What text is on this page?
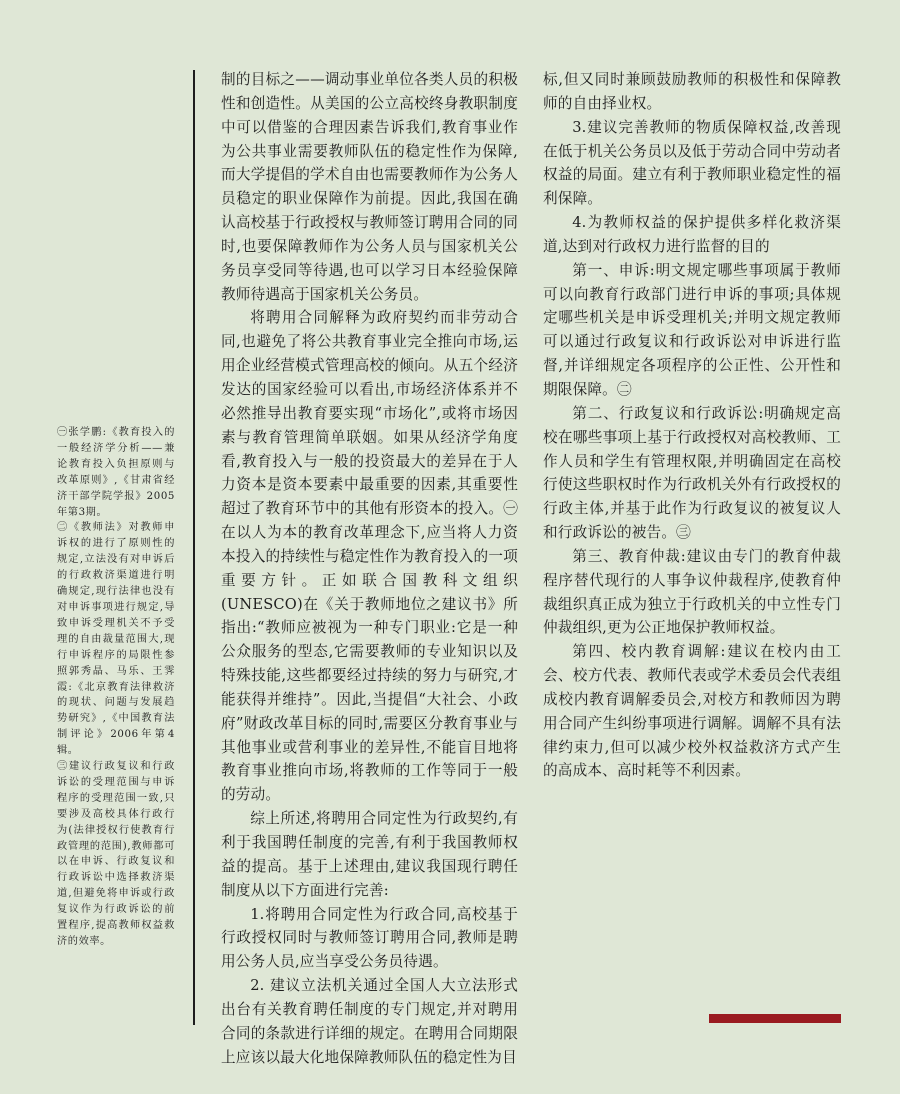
㊀张学鹏:《教育投入的一般经济学分析——兼论教育投入负担原则与改革原则》,《甘肃省经济干部学院学报》2005年第3期。

㊁《教师法》对教师申诉权的进行了原则性的规定,立法没有对申诉后的行政救济渠道进行明确规定,现行法律也没有对申诉事项进行规定,导致申诉受理机关不予受理的自由裁量范围大,现行申诉程序的局限性参照郭秀晶、马乐、王霁霞:《北京教育法律救济的现状、问题与发展趋势研究》,《中国教育法制评论》2006年第4辑。

㊂建议行政复议和行政诉讼的受理范围与申诉程序的受理范围一致,只要涉及高校具体行政行为(法律授权行使教育行政管理的范围),教师都可以在申诉、行政复议和行政诉讼中选择救济渠道,但避免将申诉或行政复议作为行政诉讼的前置程序,提高教师权益救济的效率。

制的目标之——调动事业单位各类人员的积极性和创造性。从美国的公立高校终身教职制度中可以借鉴的合理因素告诉我们,教育事业作为公共事业需要教师队伍的稳定性作为保障,而大学提倡的学术自由也需要教师作为公务人员稳定的职业保障作为前提。因此,我国在确认高校基于行政授权与教师签订聘用合同的同时,也要保障教师作为公务人员与国家机关公务员享受同等待遇,也可以学习日本经验保障教师待遇高于国家机关公务员。

将聘用合同解释为政府契约而非劳动合同,也避免了将公共教育事业完全推向市场,运用企业经营模式管理高校的倾向。从五个经济发达的国家经验可以看出,市场经济体系并不必然推导出教育要实现“市场化”,或将市场因素与教育管理简单联姻。如果从经济学角度看,教育投入与一般的投资最大的差异在于人力资本是资本要素中最重要的因素,其重要性超过了教育环节中的其他有形资本的投入。㊀在以人为本的教育改革理念下,应当将人力资本投入的持续性与稳定性作为教育投入的一项重要方针。正如联合国教科文组织(UNESCO)在《关于教师地位之建议书》所指出:“教师应被视为一种专门职业:它是一种公众服务的型态,它需要教师的专业知识以及特殊技能,这些都要经过持续的努力与研究,才能获得并维持”。因此,当提倡“大社会、小政府”财政改革目标的同时,需要区分教育事业与其他事业或营利事业的差异性,不能盲目地将教育事业推向市场,将教师的工作等同于一般的劳动。

综上所述,将聘用合同定性为行政契约,有利于我国聘任制度的完善,有利于我国教师权益的提高。基于上述理由,建议我国现行聘任制度从以下方面进行完善:

1.将聘用合同定性为行政合同,高校基于行政授权同时与教师签订聘用合同,教师是聘用公务人员,应当享受公务员待遇。

2. 建议立法机关通过全国人大立法形式出台有关教育聘任制度的专门规定,并对聘用合同的条款进行详细的规定。在聘用合同期限上应该以最大化地保障教师队伍的稳定性为目

标,但又同时兼顾鼓励教师的积极性和保障教师的自由择业权。

3.建议完善教师的物质保障权益,改善现在低于机关公务员以及低于劳动合同中劳动者权益的局面。建立有利于教师职业稳定性的福利保障。

4.为教师权益的保护提供多样化救济渠道,达到对行政权力进行监督的目的

第一、申诉:明文规定哪些事项属于教师可以向教育行政部门进行申诉的事项;具体规定哪些机关是申诉受理机关;并明文规定教师可以通过行政复议和行政诉讼对申诉进行监督,并详细规定各项程序的公正性、公开性和期限保障。㊁

第二、行政复议和行政诉讼:明确规定高校在哪些事项上基于行政授权对高校教师、工作人员和学生有管理权限,并明确固定在高校行使这些职权时作为行政机关外有行政授权的行政主体,并基于此作为行政复议的被复议人和行政诉讼的被告。㊂

第三、教育仲裁:建议由专门的教育仲裁程序替代现行的人事争议仲裁程序,使教育仲裁组织真正成为独立于行政机关的中立性专门仲裁组织,更为公正地保护教师权益。

第四、校内教育调解:建议在校内由工会、校方代表、教师代表或学术委员会代表组成校内教育调解委员会,对校方和教师因为聘用合同产生纠纷事项进行调解。调解不具有法律约束力,但可以减少校外权益救济方式产生的高成本、高时耗等不利因素。
